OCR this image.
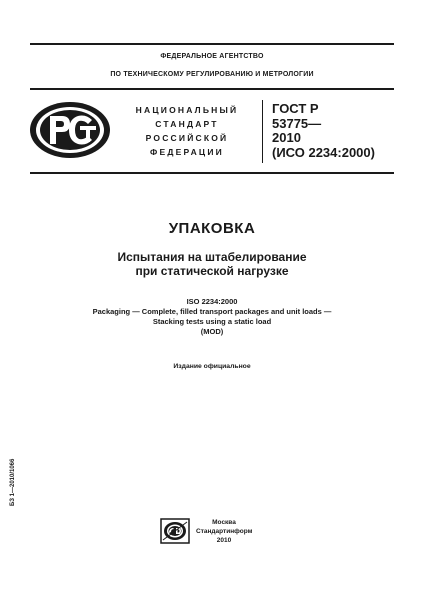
ФЕДЕРАЛЬНОЕ АГЕНТСТВО
ПО ТЕХНИЧЕСКОМУ РЕГУЛИРОВАНИЮ И МЕТРОЛОГИИ
НАЦИОНАЛЬНЫЙ
СТАНДАРТ
РОССИЙСКОЙ
ФЕДЕРАЦИИ
ГОСТ Р
53775—
2010
(ИСО 2234:2000)
УПАКОВКА
Испытания на штабелирование
при статической нагрузке
ISO 2234:2000
Packaging — Complete, filled transport packages and unit loads —
Stacking tests using a static load
(MOD)
Издание официальное
БЗ 1—2010/1066
Москва
Стандартинформ
2010
